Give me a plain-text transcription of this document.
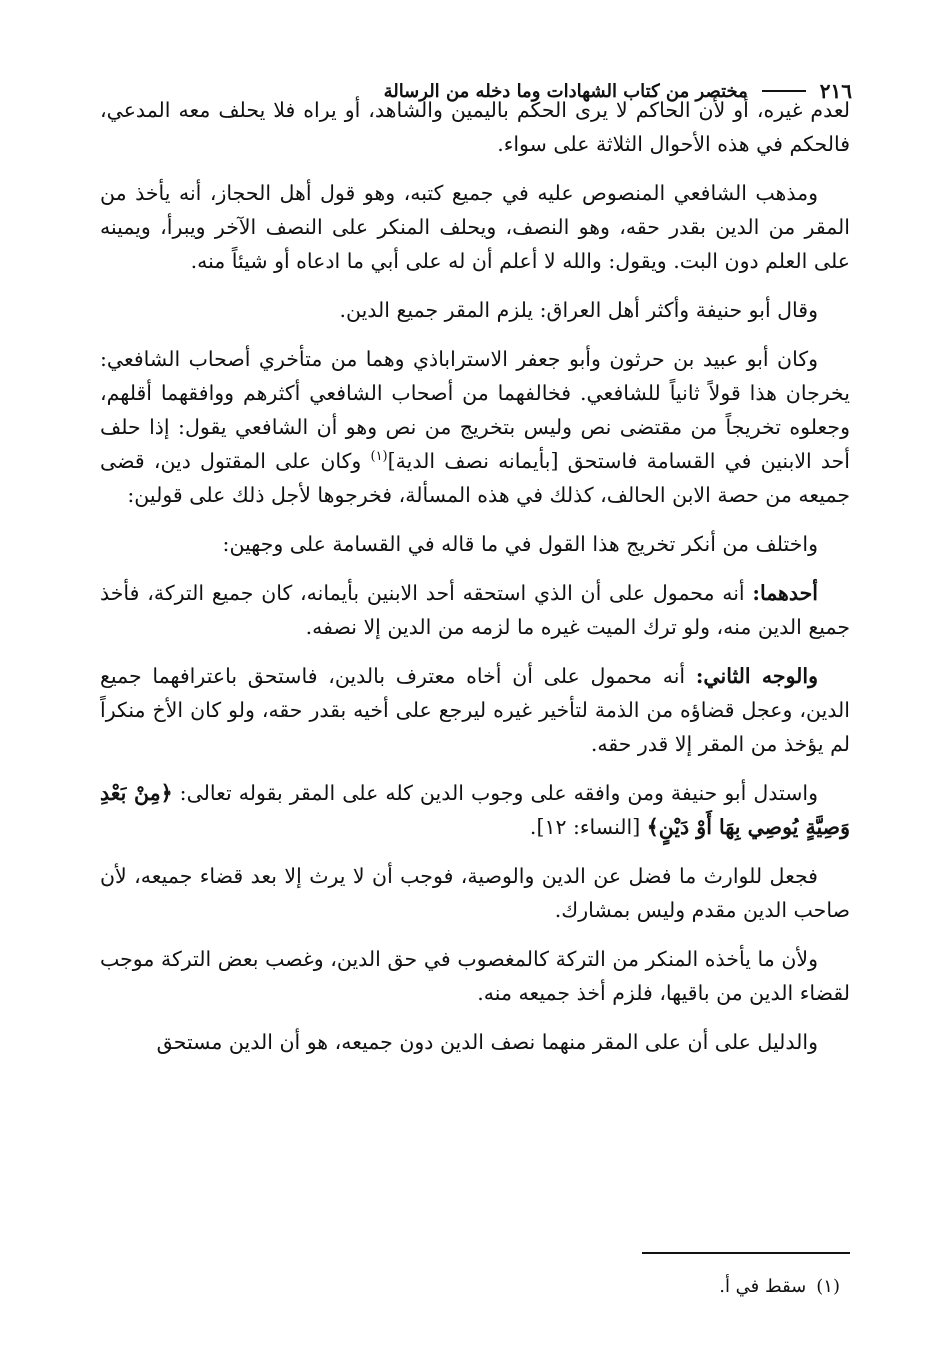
٢١٦
مختصر من كتاب الشهادات وما دخله من الرسالة

لعدم غيره، أو لأن الحاكم لا يرى الحكم باليمين والشاهد، أو يراه فلا يحلف معه المدعي، فالحكم في هذه الأحوال الثلاثة على سواء.

ومذهب الشافعي المنصوص عليه في جميع كتبه، وهو قول أهل الحجاز، أنه يأخذ من المقر من الدين بقدر حقه، وهو النصف، ويحلف المنكر على النصف الآخر ويبرأ، ويمينه على العلم دون البت. ويقول: والله لا أعلم أن له على أبي ما ادعاه أو شيئاً منه.

وقال أبو حنيفة وأكثر أهل العراق: يلزم المقر جميع الدين.

وكان أبو عبيد بن حرثون وأبو جعفر الاستراباذي وهما من متأخري أصحاب الشافعي: يخرجان هذا قولاً ثانياً للشافعي. فخالفهما من أصحاب الشافعي أكثرهم ووافقهما أقلهم، وجعلوه تخريجاً من مقتضى نص وليس بتخريج من نص وهو أن الشافعي يقول: إذا حلف أحد الابنين في القسامة فاستحق [بأيمانه نصف الدية]$^{(١)}$ وكان على المقتول دين، قضى جميعه من حصة الابن الحالف، كذلك في هذه المسألة، فخرجوها لأجل ذلك على قولين:

واختلف من أنكر تخريج هذا القول في ما قاله في القسامة على وجهين:

أحدهما: أنه محمول على أن الذي استحقه أحد الابنين بأيمانه، كان جميع التركة، فأخذ جميع الدين منه، ولو ترك الميت غيره ما لزمه من الدين إلا نصفه.

والوجه الثاني: أنه محمول على أن أخاه معترف بالدين، فاستحق باعترافهما جميع الدين، وعجل قضاؤه من الذمة لتأخير غيره ليرجع على أخيه بقدر حقه، ولو كان الأخ منكراً لم يؤخذ من المقر إلا قدر حقه.

واستدل أبو حنيفة ومن وافقه على وجوب الدين كله على المقر بقوله تعالى: ﴿مِنْ بَعْدِ وَصِيَّةٍ يُوصِي بِهَا أَوْ دَيْنٍ﴾ [النساء: ١٢].

فجعل للوارث ما فضل عن الدين والوصية، فوجب أن لا يرث إلا بعد قضاء جميعه، لأن صاحب الدين مقدم وليس بمشارك.

ولأن ما يأخذه المنكر من التركة كالمغصوب في حق الدين، وغصب بعض التركة موجب لقضاء الدين من باقيها، فلزم أخذ جميعه منه.

والدليل على أن على المقر منهما نصف الدين دون جميعه، هو أن الدين مستحق

(١)
سقط في أ.
